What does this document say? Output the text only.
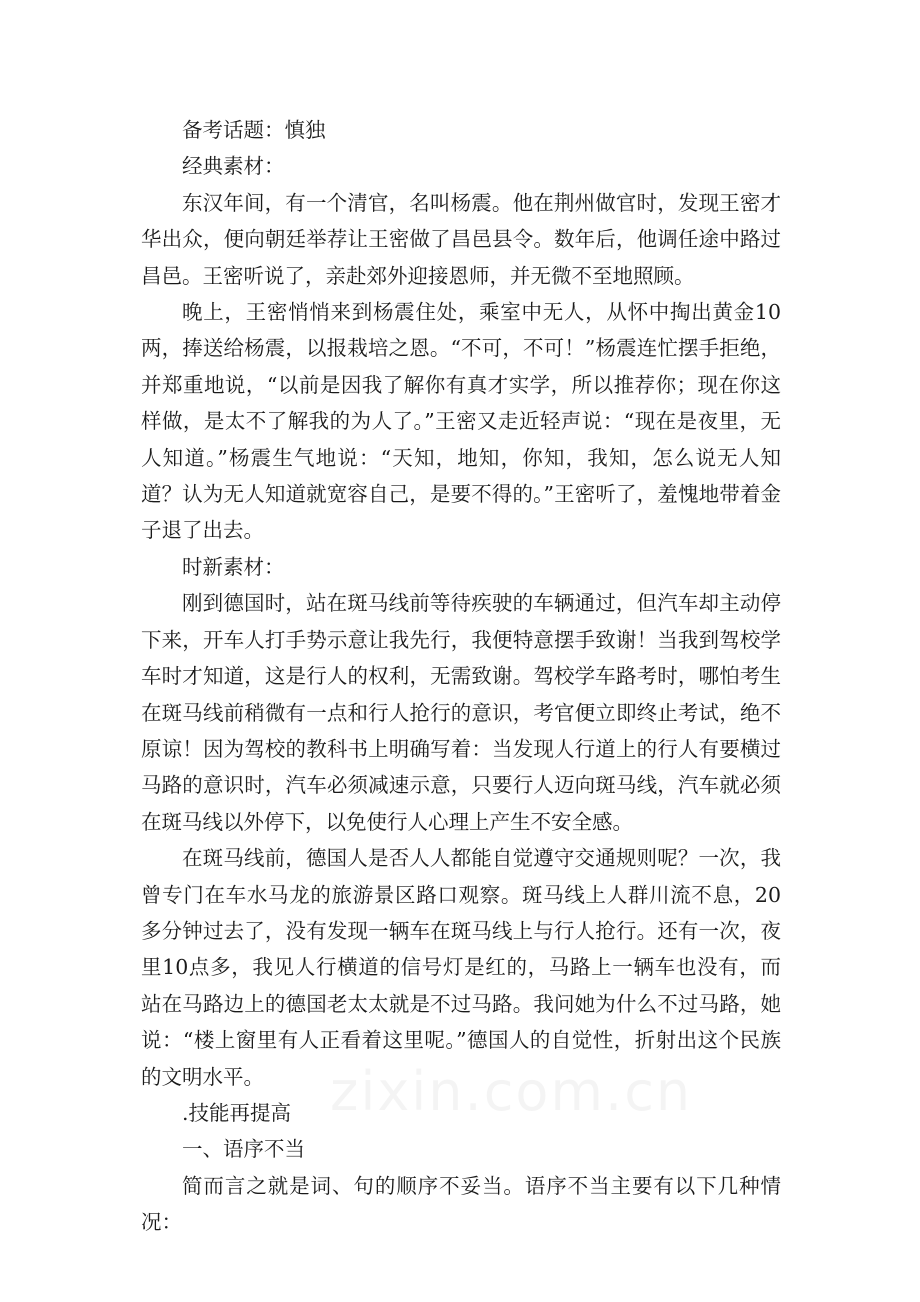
备考话题：慎独

经典素材：

东汉年间，有一个清官，名叫杨震。他在荆州做官时，发现王密才华出众，便向朝廷举荐让王密做了昌邑县令。数年后，他调任途中路过昌邑。王密听说了，亲赴郊外迎接恩师，并无微不至地照顾。

晚上，王密悄悄来到杨震住处，乘室中无人，从怀中掏出黄金10两，捧送给杨震，以报栽培之恩。“不可，不可！”杨震连忙摆手拒绝，并郑重地说，“以前是因我了解你有真才实学，所以推荐你；现在你这样做，是太不了解我的为人了。”王密又走近轻声说：“现在是夜里，无人知道。”杨震生气地说：“天知，地知，你知，我知，怎么说无人知道？认为无人知道就宽容自己，是要不得的。”王密听了，羞愧地带着金子退了出去。

时新素材：

刚到德国时，站在斑马线前等待疾驶的车辆通过，但汽车却主动停下来，开车人打手势示意让我先行，我便特意摆手致谢！当我到驾校学车时才知道，这是行人的权利，无需致谢。驾校学车路考时，哪怕考生在斑马线前稍微有一点和行人抢行的意识，考官便立即终止考试，绝不原谅！因为驾校的教科书上明确写着：当发现人行道上的行人有要横过马路的意识时，汽车必须减速示意，只要行人迈向斑马线，汽车就必须在斑马线以外停下，以免使行人心理上产生不安全感。

在斑马线前，德国人是否人人都能自觉遵守交通规则呢？一次，我曾专门在车水马龙的旅游景区路口观察。斑马线上人群川流不息，20多分钟过去了，没有发现一辆车在斑马线上与行人抢行。还有一次，夜里10点多，我见人行横道的信号灯是红的，马路上一辆车也没有，而站在马路边上的德国老太太就是不过马路。我问她为什么不过马路，她说：“楼上窗里有人正看着这里呢。”德国人的自觉性，折射出这个民族的文明水平。

.技能再提高

一、语序不当

简而言之就是词、句的顺序不妥当。语序不当主要有以下几种情况：
